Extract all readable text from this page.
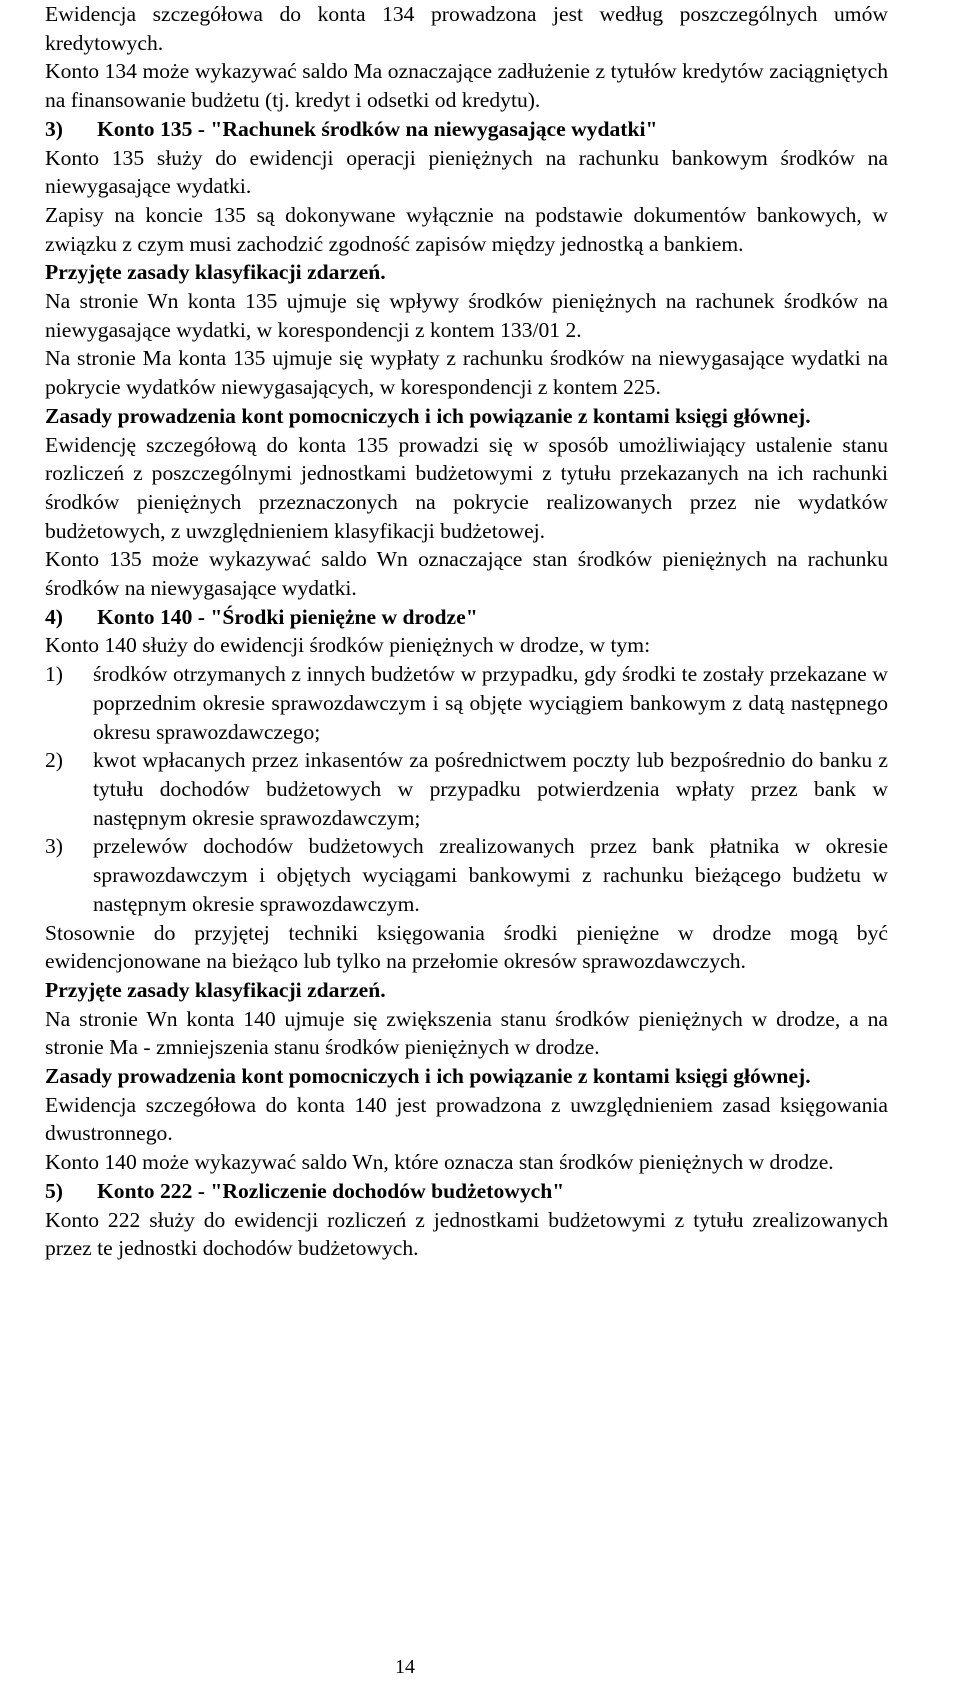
Ewidencja szczegółowa do konta 134 prowadzona jest według poszczególnych umów kredytowych.
Konto 134 może wykazywać saldo Ma oznaczające zadłużenie z tytułów kredytów zaciągniętych na finansowanie budżetu (tj. kredyt i odsetki od kredytu).
3) Konto 135 - "Rachunek środków na niewygasające wydatki"
Konto 135 służy do ewidencji operacji pieniężnych na rachunku bankowym środków na niewygasające wydatki.
Zapisy na koncie 135 są dokonywane wyłącznie na podstawie dokumentów bankowych, w związku z czym musi zachodzić zgodność zapisów między jednostką a bankiem.
Przyjęte zasady klasyfikacji zdarzeń.
Na stronie Wn konta 135 ujmuje się wpływy środków pieniężnych na rachunek środków na niewygasające wydatki, w korespondencji z kontem 133/01 2.
Na stronie Ma konta 135 ujmuje się wypłaty z rachunku środków na niewygasające wydatki na pokrycie wydatków niewygasających, w korespondencji z kontem 225.
Zasady prowadzenia kont pomocniczych i ich powiązanie z kontami księgi głównej.
Ewidencję szczegółową do konta 135 prowadzi się w sposób umożliwiający ustalenie stanu rozliczeń z poszczególnymi jednostkami budżetowymi z tytułu przekazanych na ich rachunki środków pieniężnych przeznaczonych na pokrycie realizowanych przez nie wydatków budżetowych, z uwzględnieniem klasyfikacji budżetowej.
Konto 135 może wykazywać saldo Wn oznaczające stan środków pieniężnych na rachunku środków na niewygasające wydatki.
4) Konto 140 - "Środki pieniężne w drodze"
Konto 140 służy do ewidencji środków pieniężnych w drodze, w tym:
1) środków otrzymanych z innych budżetów w przypadku, gdy środki te zostały przekazane w poprzednim okresie sprawozdawczym i są objęte wyciągiem bankowym z datą następnego okresu sprawozdawczego;
2) kwot wpłacanych przez inkasentów za pośrednictwem poczty lub bezpośrednio do banku z tytułu dochodów budżetowych w przypadku potwierdzenia wpłaty przez bank w następnym okresie sprawozdawczym;
3) przelewów dochodów budżetowych zrealizowanych przez bank płatnika w okresie sprawozdawczym i objętych wyciągami bankowymi z rachunku bieżącego budżetu w następnym okresie sprawozdawczym.
Stosownie do przyjętej techniki księgowania środki pieniężne w drodze mogą być ewidencjonowane na bieżąco lub tylko na przełomie okresów sprawozdawczych.
Przyjęte zasady klasyfikacji zdarzeń.
Na stronie Wn konta 140 ujmuje się zwiększenia stanu środków pieniężnych w drodze, a na stronie Ma - zmniejszenia stanu środków pieniężnych w drodze.
Zasady prowadzenia kont pomocniczych i ich powiązanie z kontami księgi głównej.
Ewidencja szczegółowa do konta 140 jest prowadzona z uwzględnieniem zasad księgowania dwustronnego.
Konto 140 może wykazywać saldo Wn, które oznacza stan środków pieniężnych w drodze.
5) Konto 222 - "Rozliczenie dochodów budżetowych"
Konto 222 służy do ewidencji rozliczeń z jednostkami budżetowymi z tytułu zrealizowanych przez te jednostki dochodów budżetowych.
14
